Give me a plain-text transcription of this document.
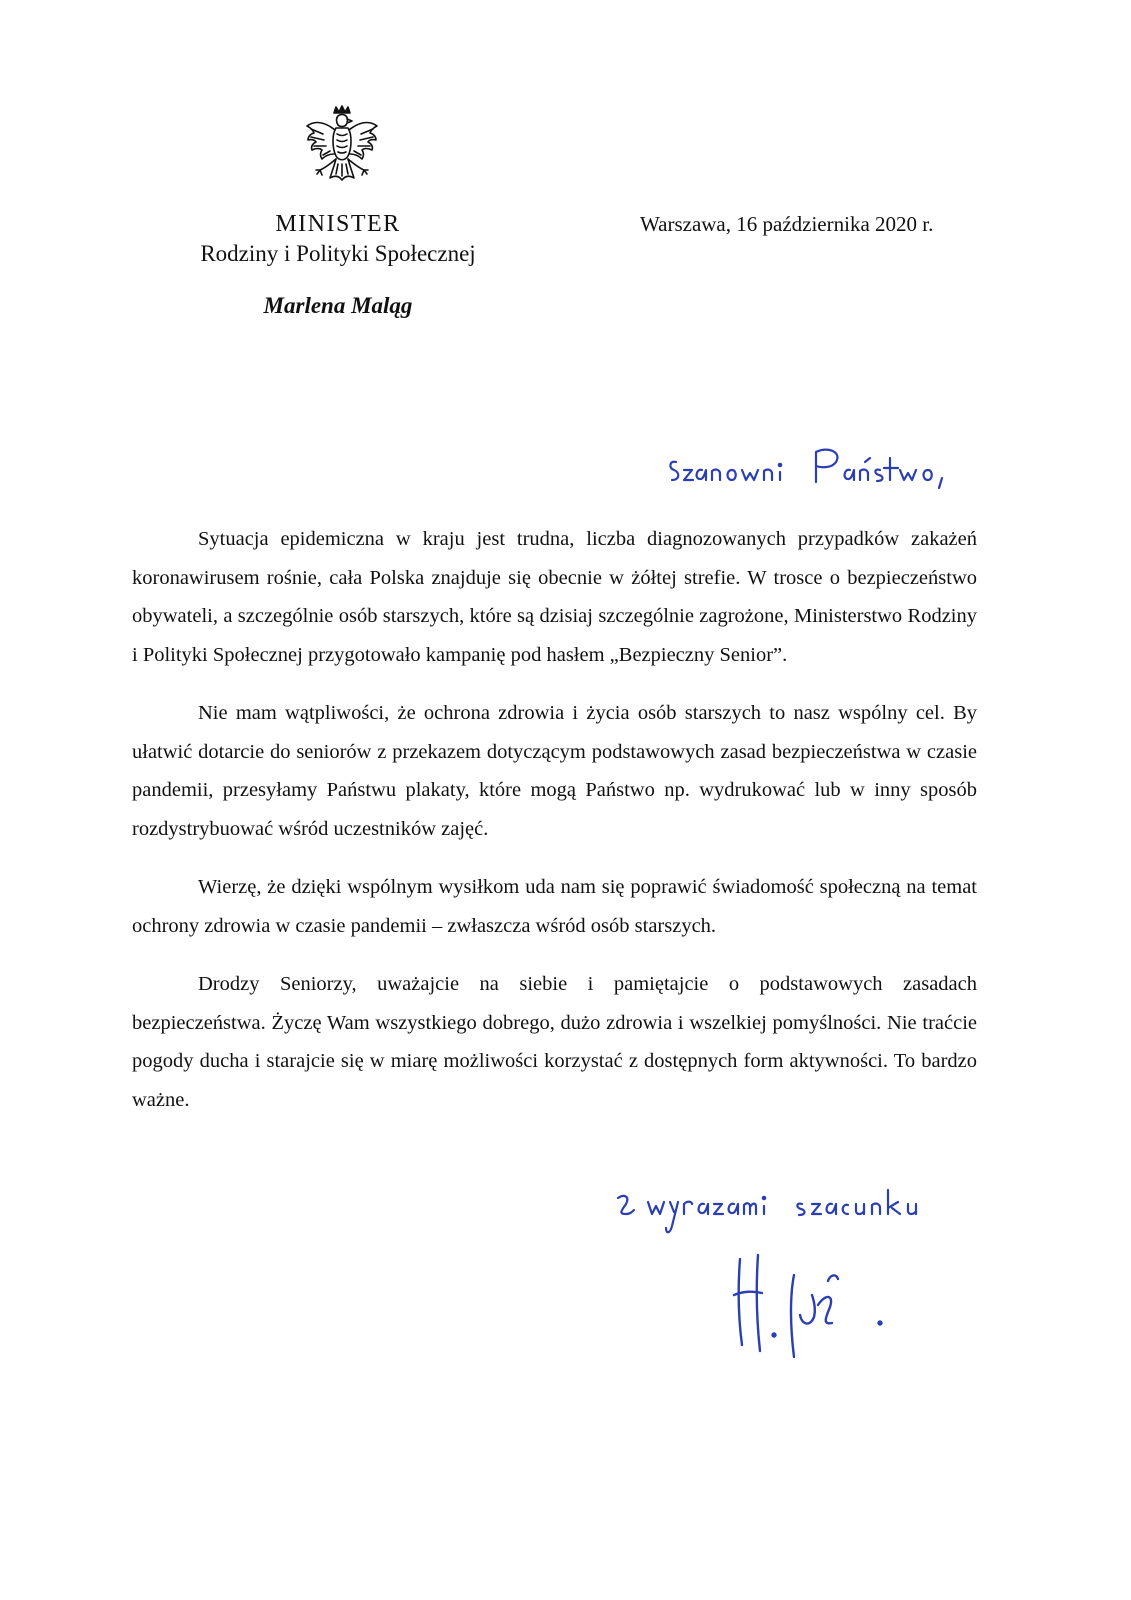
MINISTER
Rodziny i Polityki Społecznej
Marlena Maląg
Warszawa, 16 października 2020 r.

Sytuacja epidemiczna w kraju jest trudna, liczba diagnozowanych przypadków zakażeń koronawirusem rośnie, cała Polska znajduje się obecnie w żółtej strefie. W trosce o bezpieczeństwo obywateli, a szczególnie osób starszych, które są dzisiaj szczególnie zagrożone, Ministerstwo Rodziny i Polityki Społecznej przygotowało kampanię pod hasłem „Bezpieczny Senior”.

Nie mam wątpliwości, że ochrona zdrowia i życia osób starszych to nasz wspólny cel. By ułatwić dotarcie do seniorów z przekazem dotyczącym podstawowych zasad bezpieczeństwa w czasie pandemii, przesyłamy Państwu plakaty, które mogą Państwo np. wydrukować lub w inny sposób rozdystrybuować wśród uczestników zajęć.

Wierzę, że dzięki wspólnym wysiłkom uda nam się poprawić świadomość społeczną na temat ochrony zdrowia w czasie pandemii – zwłaszcza wśród osób starszych.

Drodzy Seniorzy, uważajcie na siebie i pamiętajcie o podstawowych zasadach bezpieczeństwa. Życzę Wam wszystkiego dobrego, dużo zdrowia i wszelkiej pomyślności. Nie traćcie pogody ducha i starajcie się w miarę możliwości korzystać z dostępnych form aktywności. To bardzo ważne.
